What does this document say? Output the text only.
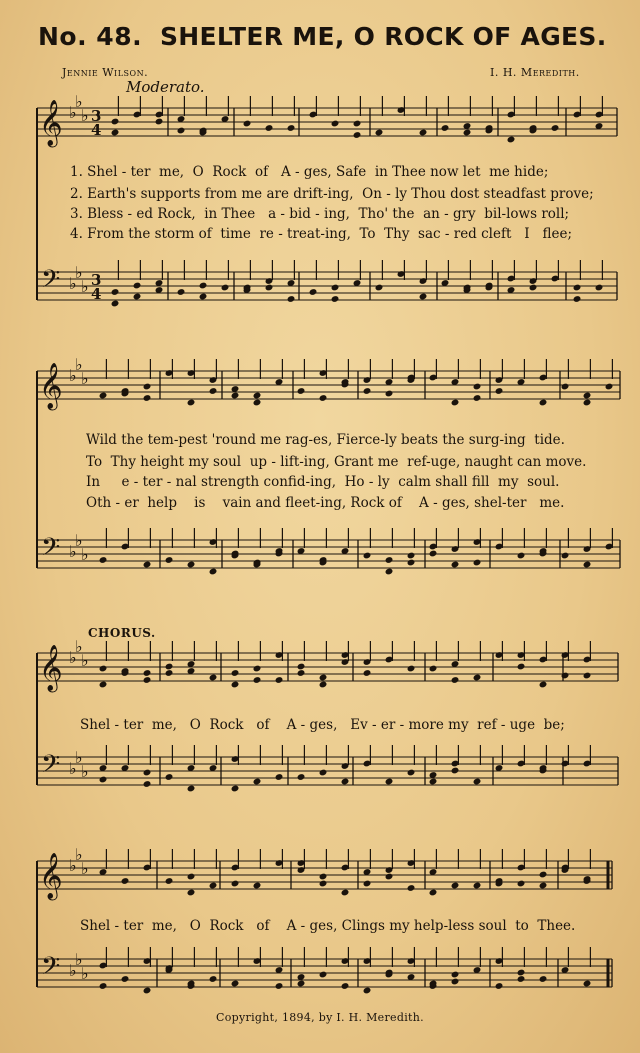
No. 48. SHELTER ME, O ROCK OF AGES.
Jennie Wilson.	I. H. Meredith.
Moderato.
𝄞
𝄢
♭
♭
♭
♭
♭
♭
3
4
3
4
𝄞
𝄢
♭
♭
♭
♭
♭
♭
𝄞
𝄢
♭
♭
♭
♭
♭
♭
𝄞
𝄢
♭
♭
♭
♭
♭
♭
1. Shel - ter  me,  O  Rock  of   A - ges, Safe  in Thee now let  me hide;
2. Earth's supports from me are drift-ing,  On - ly Thou dost steadfast prove;
3. Bless - ed Rock,  in Thee   a - bid - ing,  Tho' the  an - gry  bil-lows roll;
4. From the storm of  time  re - treat-ing,  To  Thy  sac - red cleft   I   flee;
Wild the tem-pest 'round me rag-es, Fierce-ly beats the surg-ing  tide.
To  Thy height my soul  up - lift-ing, Grant me  ref-uge, naught can move.
In     e - ter - nal strength confid-ing,  Ho - ly  calm shall fill  my  soul.
Oth - er  help    is    vain and fleet-ing, Rock of    A - ges, shel-ter   me.
CHORUS.
Shel - ter  me,   O  Rock   of    A - ges,   Ev - er - more my  ref - uge  be;
Shel - ter  me,   O  Rock   of    A - ges, Clings my help-less soul  to  Thee.
Copyright, 1894, by I. H. Meredith.
